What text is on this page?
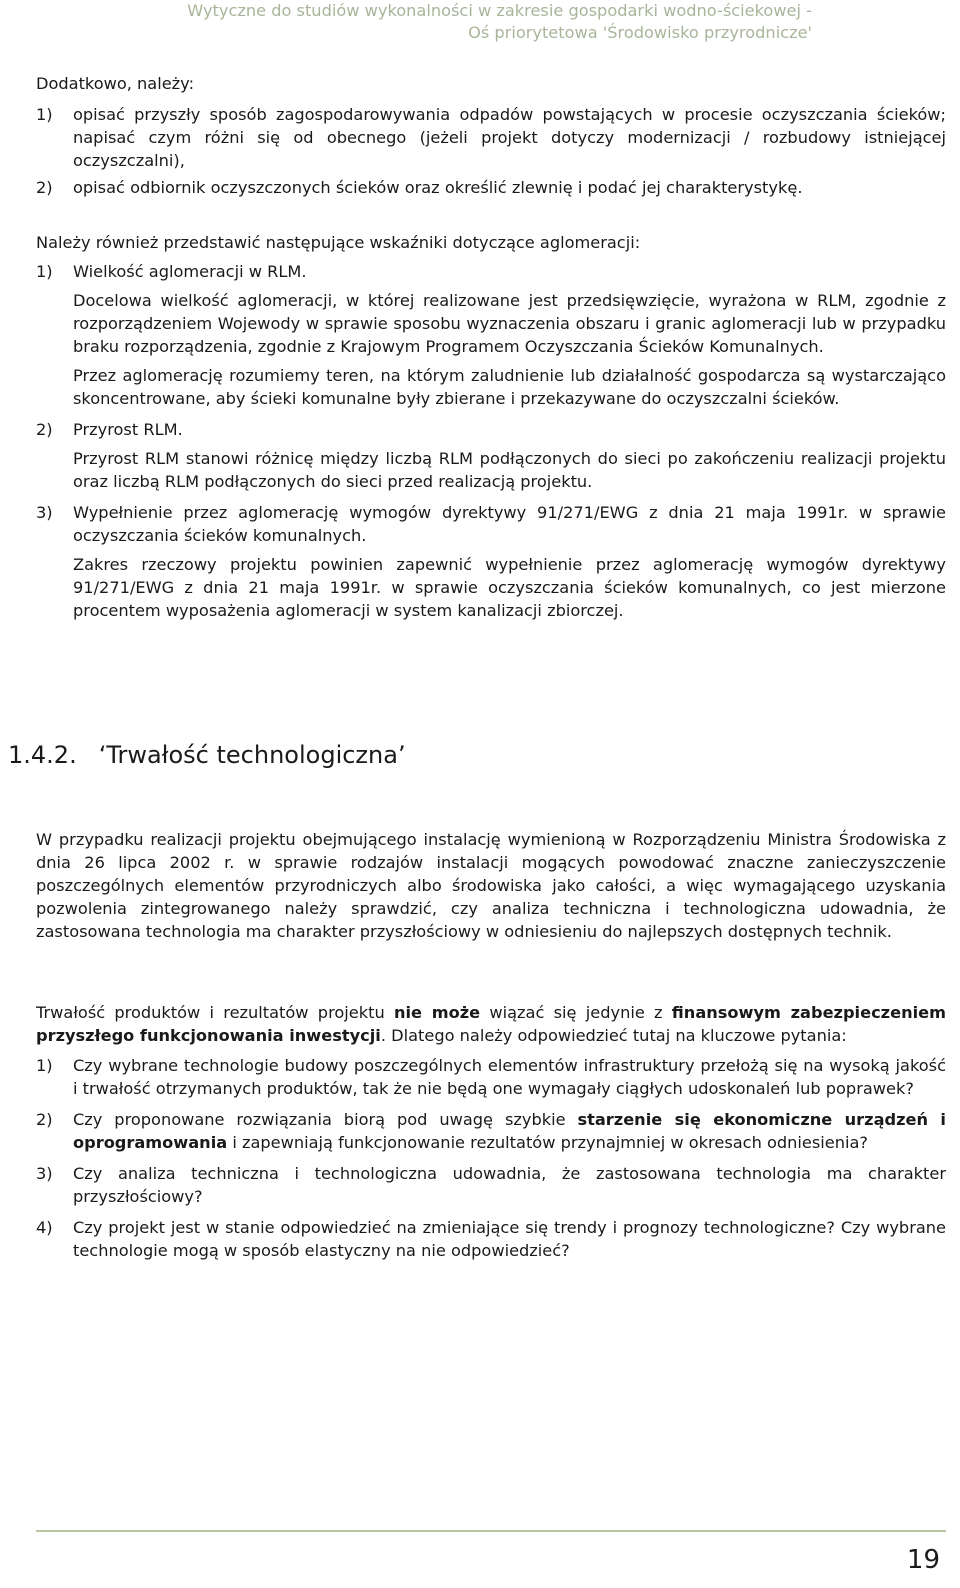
Wytyczne do studiów wykonalności w zakresie gospodarki wodno-ściekowej -
Oś priorytetowa 'Środowisko przyrodnicze'

Dodatkowo, należy:

1) opisać przyszły sposób zagospodarowywania odpadów powstających w procesie oczyszczania ścieków; napisać czym różni się od obecnego (jeżeli projekt dotyczy modernizacji / rozbudowy istniejącej oczyszczalni),
2) opisać odbiornik oczyszczonych ścieków oraz określić zlewnię i podać jej charakterystykę.

Należy również przedstawić następujące wskaźniki dotyczące aglomeracji:

1) Wielkość aglomeracji w RLM.

Docelowa wielkość aglomeracji, w której realizowane jest przedsięwzięcie, wyrażona w RLM, zgodnie z rozporządzeniem Wojewody w sprawie sposobu wyznaczenia obszaru i granic aglomeracji lub w przypadku braku rozporządzenia, zgodnie z Krajowym Programem Oczyszczania Ścieków Komunalnych.

Przez aglomerację rozumiemy teren, na którym zaludnienie lub działalność gospodarcza są wystarczająco skoncentrowane, aby ścieki komunalne były zbierane i przekazywane do oczyszczalni ścieków.

2) Przyrost RLM.

Przyrost RLM stanowi różnicę między liczbą RLM podłączonych do sieci po zakończeniu realizacji projektu oraz liczbą RLM podłączonych do sieci przed realizacją projektu.

3) Wypełnienie przez aglomerację wymogów dyrektywy 91/271/EWG z dnia 21 maja 1991r. w sprawie oczyszczania ścieków komunalnych.

Zakres rzeczowy projektu powinien zapewnić wypełnienie przez aglomerację wymogów dyrektywy 91/271/EWG z dnia 21 maja 1991r. w sprawie oczyszczania ścieków komunalnych, co jest mierzone procentem wyposażenia aglomeracji w system kanalizacji zbiorczej.

1.4.2. ‘Trwałość technologiczna’
W przypadku realizacji projektu obejmującego instalację wymienioną w Rozporządzeniu Ministra Środowiska z dnia 26 lipca 2002 r. w sprawie rodzajów instalacji mogących powodować znaczne zanieczyszczenie poszczególnych elementów przyrodniczych albo środowiska jako całości, a więc wymagającego uzyskania pozwolenia zintegrowanego należy sprawdzić, czy analiza techniczna i technologiczna udowadnia, że zastosowana technologia ma charakter przyszłościowy w odniesieniu do najlepszych dostępnych technik.

Trwałość produktów i rezultatów projektu nie może wiązać się jedynie z finansowym zabezpieczeniem przyszłego funkcjonowania inwestycji. Dlatego należy odpowiedzieć tutaj na kluczowe pytania:

1) Czy wybrane technologie budowy poszczególnych elementów infrastruktury przełożą się na wysoką jakość i trwałość otrzymanych produktów, tak że nie będą one wymagały ciągłych udoskonaleń lub poprawek?
2) Czy proponowane rozwiązania biorą pod uwagę szybkie starzenie się ekonomiczne urządzeń i oprogramowania i zapewniają funkcjonowanie rezultatów przynajmniej w okresach odniesienia?
3) Czy analiza techniczna i technologiczna udowadnia, że zastosowana technologia ma charakter przyszłościowy?
4) Czy projekt jest w stanie odpowiedzieć na zmieniające się trendy i prognozy technologiczne? Czy wybrane technologie mogą w sposób elastyczny na nie odpowiedzieć?
19
